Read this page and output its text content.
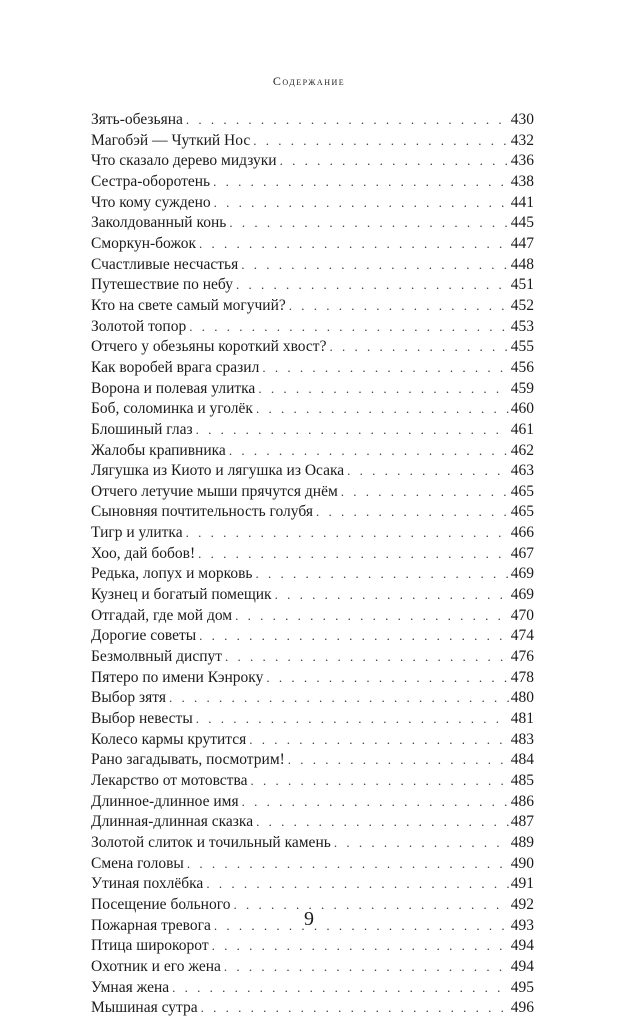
Содержание
Зять-обезьяна . . .	430
Магобэй — Чуткий Нос . . .	432
Что сказало дерево мидзуки . . .	436
Сестра-оборотень . . .	438
Что кому суждено . . .	441
Заколдованный конь . . .	445
Сморкун-божок . . .	447
Счастливые несчастья . . .	448
Путешествие по небу . . .	451
Кто на свете самый могучий? . . .	452
Золотой топор . . .	453
Отчего у обезьяны короткий хвост? . . .	455
Как воробей врага сразил . . .	456
Ворона и полевая улитка . . .	459
Боб, соломинка и уголёк . . .	460
Блошиный глаз . . .	461
Жалобы крапивника . . .	462
Лягушка из Киото и лягушка из Осака . . .	463
Отчего летучие мыши прячутся днём . . .	465
Сыновняя почтительность голубя . . .	465
Тигр и улитка . . .	466
Хоо, дай бобов! . . .	467
Редька, лопух и морковь . . .	469
Кузнец и богатый помещик . . .	469
Отгадай, где мой дом . . .	470
Дорогие советы . . .	474
Безмолвный диспут . . .	476
Пятеро по имени Кэнроку . . .	478
Выбор зятя . . .	480
Выбор невесты . . .	481
Колесо кармы крутится . . .	483
Рано загадывать, посмотрим! . . .	484
Лекарство от мотовства . . .	485
Длинное-длинное имя . . .	486
Длинная-длинная сказка . . .	487
Золотой слиток и точильный камень . . .	489
Смена головы . . .	490
Утиная похлёбка . . .	491
Посещение больного . . .	492
Пожарная тревога . . .	493
Птица широкорот . . .	494
Охотник и его жена . . .	494
Умная жена . . .	495
Мышиная сутра . . .	496
9
